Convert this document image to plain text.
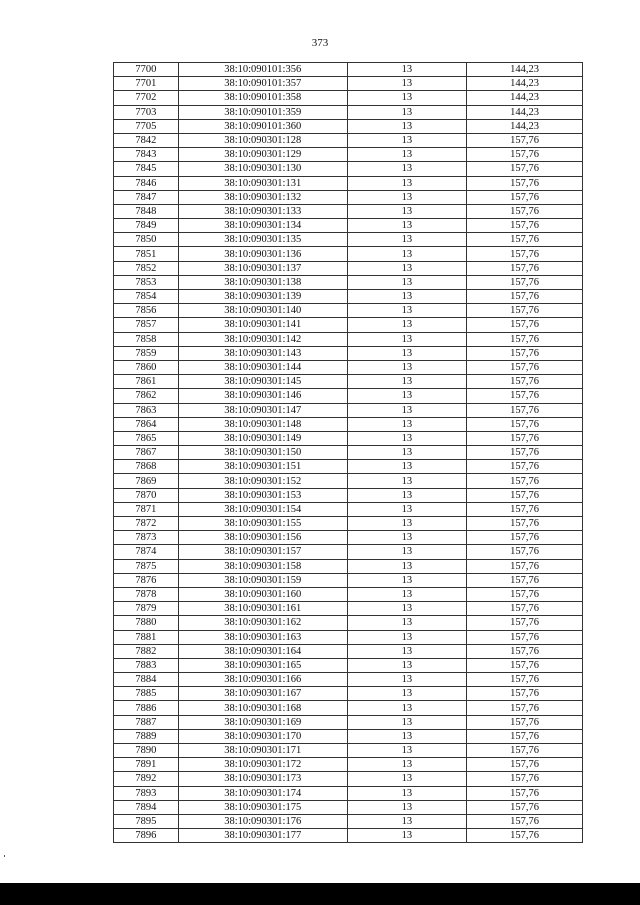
373
7700	38:10:090101:356	13	144,23
7701	38:10:090101:357	13	144,23
7702	38:10:090101:358	13	144,23
7703	38:10:090101:359	13	144,23
7705	38:10:090101:360	13	144,23
7842	38:10:090301:128	13	157,76
7843	38:10:090301:129	13	157,76
7845	38:10:090301:130	13	157,76
7846	38:10:090301:131	13	157,76
7847	38:10:090301:132	13	157,76
7848	38:10:090301:133	13	157,76
7849	38:10:090301:134	13	157,76
7850	38:10:090301:135	13	157,76
7851	38:10:090301:136	13	157,76
7852	38:10:090301:137	13	157,76
7853	38:10:090301:138	13	157,76
7854	38:10:090301:139	13	157,76
7856	38:10:090301:140	13	157,76
7857	38:10:090301:141	13	157,76
7858	38:10:090301:142	13	157,76
7859	38:10:090301:143	13	157,76
7860	38:10:090301:144	13	157,76
7861	38:10:090301:145	13	157,76
7862	38:10:090301:146	13	157,76
7863	38:10:090301:147	13	157,76
7864	38:10:090301:148	13	157,76
7865	38:10:090301:149	13	157,76
7867	38:10:090301:150	13	157,76
7868	38:10:090301:151	13	157,76
7869	38:10:090301:152	13	157,76
7870	38:10:090301:153	13	157,76
7871	38:10:090301:154	13	157,76
7872	38:10:090301:155	13	157,76
7873	38:10:090301:156	13	157,76
7874	38:10:090301:157	13	157,76
7875	38:10:090301:158	13	157,76
7876	38:10:090301:159	13	157,76
7878	38:10:090301:160	13	157,76
7879	38:10:090301:161	13	157,76
7880	38:10:090301:162	13	157,76
7881	38:10:090301:163	13	157,76
7882	38:10:090301:164	13	157,76
7883	38:10:090301:165	13	157,76
7884	38:10:090301:166	13	157,76
7885	38:10:090301:167	13	157,76
7886	38:10:090301:168	13	157,76
7887	38:10:090301:169	13	157,76
7889	38:10:090301:170	13	157,76
7890	38:10:090301:171	13	157,76
7891	38:10:090301:172	13	157,76
7892	38:10:090301:173	13	157,76
7893	38:10:090301:174	13	157,76
7894	38:10:090301:175	13	157,76
7895	38:10:090301:176	13	157,76
7896	38:10:090301:177	13	157,76
